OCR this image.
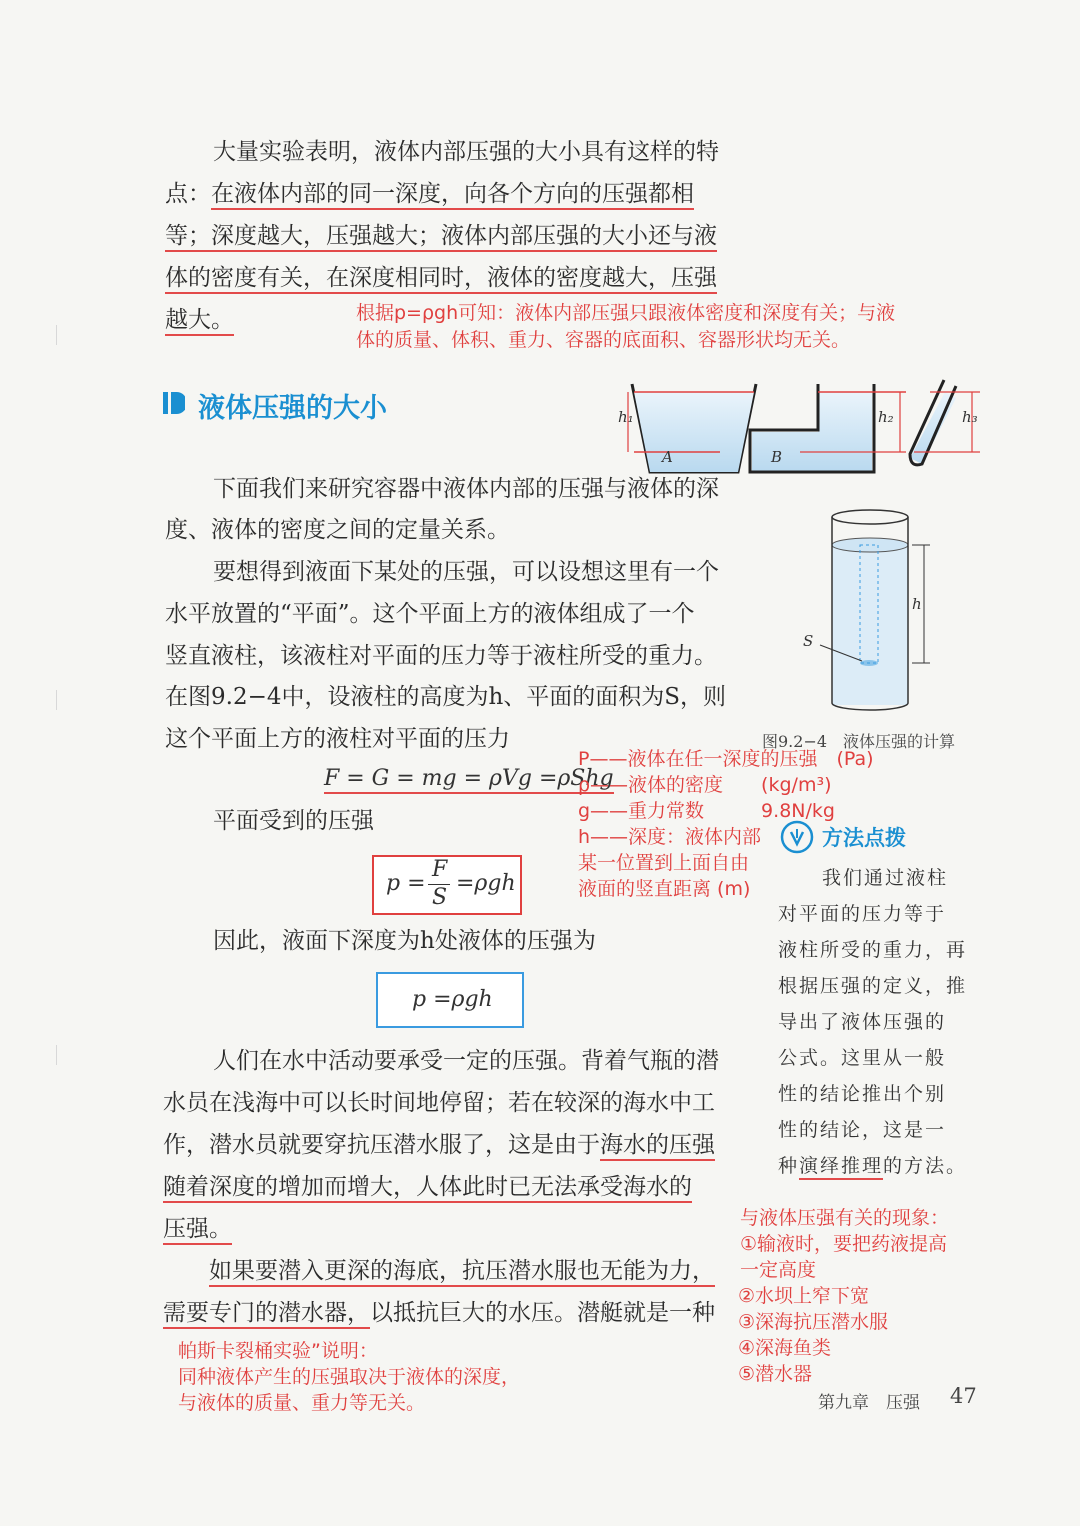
大量实验表明，液体内部压强的大小具有这样的特
点：在液体内部的同一深度，向各个方向的压强都相
等；深度越大，压强越大；液体内部压强的大小还与液
体的密度有关，在深度相同时，液体的密度越大，压强
越大。	根据p=ρgh可知：液体内部压强只跟液体密度和深度有关；与液
体的质量、体积、重力、容器的底面积、容器形状均无关。
液体压强的大小	h₁
A	B
h₂	h₃
下面我们来研究容器中液体内部的压强与液体的深
度、液体的密度之间的定量关系。
要想得到液面下某处的压强，可以设想这里有一个
水平放置的“平面”。这个平面上方的液体组成了一个
竖直液柱，该液柱对平面的压力等于液柱所受的重力。
在图9.2−4中，设液柱的高度为h、平面的面积为S，则
这个平面上方的液柱对平面的压力
h
S
图9.2−4　液体压强的计算
F = G = mg = ρVg =ρShg
P——液体在任一深度的压强　(Pa)
ρ——液体的密度　　(kg/m³)
g——重力常数　　　9.8N/kg
h——深度：液体内部
某一位置到上面自由
液面的竖直距离 (m)
平面受到的压强
p =
F
S
=ρgh
因此，液面下深度为h处液体的压强为
p =ρgh
方法点拨
我们通过液柱
对平面的压力等于
液柱所受的重力，再
根据压强的定义，推
导出了液体压强的
公式。这里从一般
性的结论推出个别
性的结论，这是一
种演绎推理的方法。
人们在水中活动要承受一定的压强。背着气瓶的潜
水员在浅海中可以长时间地停留；若在较深的海水中工
作，潜水员就要穿抗压潜水服了，这是由于海水的压强
随着深度的增加而增大，人体此时已无法承受海水的
压强。
如果要潜入更深的海底，抗压潜水服也无能为力，
需要专门的潜水器，以抵抗巨大的水压。潜艇就是一种
与液体压强有关的现象：
①输液时，要把药液提高
一定高度
②水坝上窄下宽
③深海抗压潜水服
④深海鱼类
⑤潜水器
帕斯卡裂桶实验”说明：
同种液体产生的压强取决于液体的深度，
与液体的质量、重力等无关。	第九章　压强 47
